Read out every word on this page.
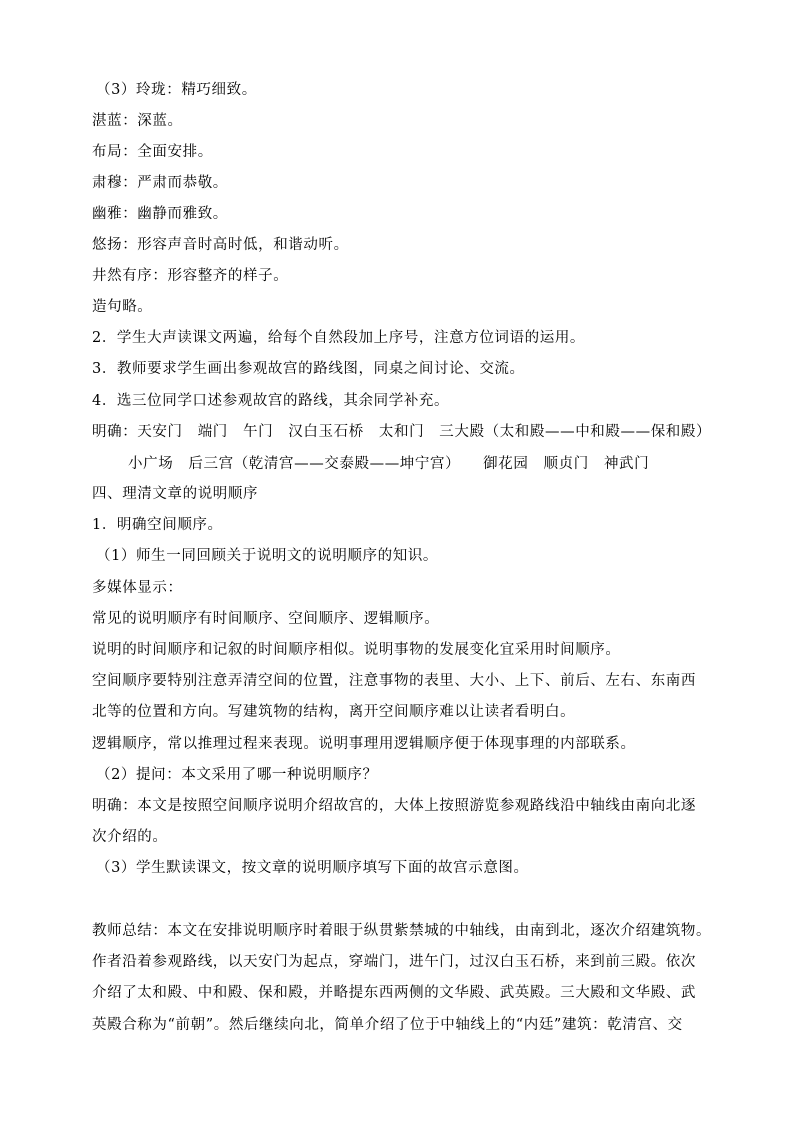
（3）玲珑：精巧细致。
湛蓝：深蓝。
布局：全面安排。
肃穆：严肃而恭敬。
幽雅：幽静而雅致。
悠扬：形容声音时高时低，和谐动听。
井然有序：形容整齐的样子。
造句略。
2．学生大声读课文两遍，给每个自然段加上序号，注意方位词语的运用。
3．教师要求学生画出参观故宫的路线图，同桌之间讨论、交流。
4．选三位同学口述参观故宫的路线，其余同学补充。
明确：天安门　端门　午门　汉白玉石桥　太和门　三大殿（太和殿——中和殿——保和殿）
小广场　后三宫（乾清宫——交泰殿——坤宁宫）　　御花园　顺贞门　神武门
四、理清文章的说明顺序
1．明确空间顺序。
（1）师生一同回顾关于说明文的说明顺序的知识。
多媒体显示：
常见的说明顺序有时间顺序、空间顺序、逻辑顺序。
说明的时间顺序和记叙的时间顺序相似。说明事物的发展变化宜采用时间顺序。
空间顺序要特别注意弄清空间的位置，注意事物的表里、大小、上下、前后、左右、东南西
北等的位置和方向。写建筑物的结构，离开空间顺序难以让读者看明白。
逻辑顺序，常以推理过程来表现。说明事理用逻辑顺序便于体现事理的内部联系。
（2）提问：本文采用了哪一种说明顺序？
明确：本文是按照空间顺序说明介绍故宫的，大体上按照游览参观路线沿中轴线由南向北逐
次介绍的。
（3）学生默读课文，按文章的说明顺序填写下面的故宫示意图。
教师总结：本文在安排说明顺序时着眼于纵贯紫禁城的中轴线，由南到北，逐次介绍建筑物。
作者沿着参观路线，以天安门为起点，穿端门，进午门，过汉白玉石桥，来到前三殿。依次
介绍了太和殿、中和殿、保和殿，并略提东西两侧的文华殿、武英殿。三大殿和文华殿、武
英殿合称为“前朝”。然后继续向北，简单介绍了位于中轴线上的“内廷”建筑：乾清宫、交
